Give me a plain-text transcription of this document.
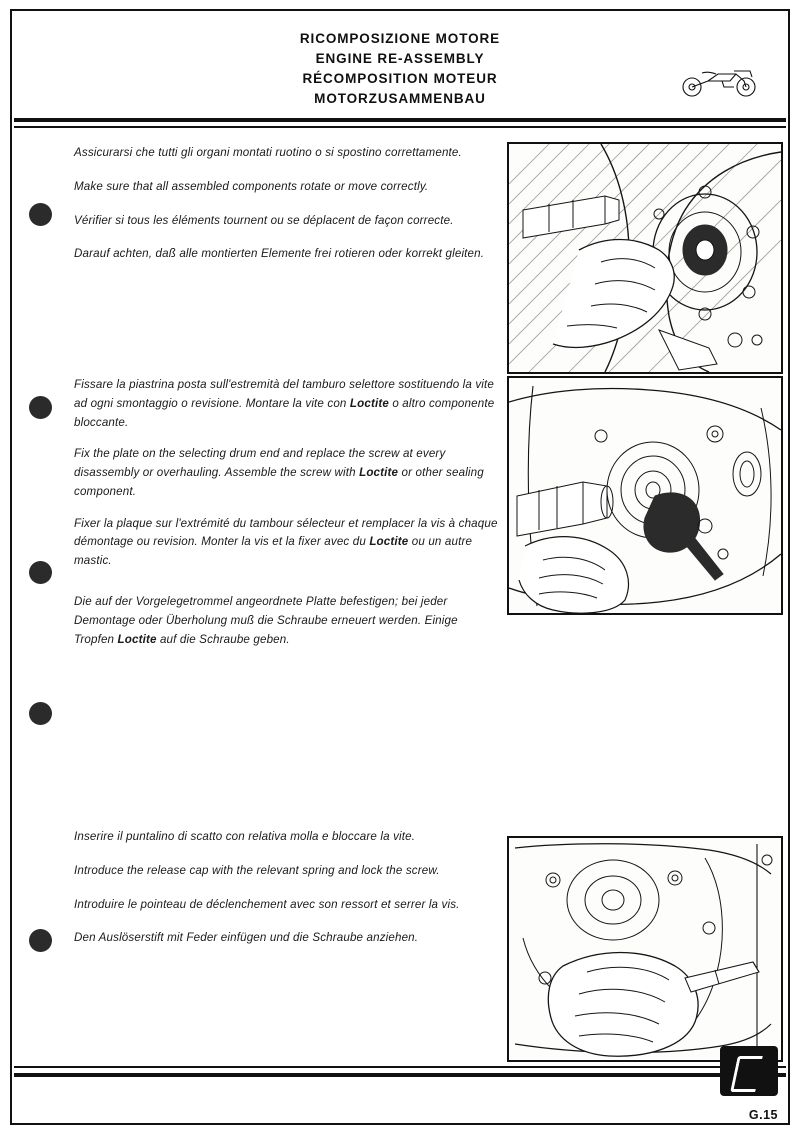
RICOMPOSIZIONE MOTORE
ENGINE RE-ASSEMBLY
RÉCOMPOSITION MOTEUR
MOTORZUSAMMENBAU
Assicurarsi che tutti gli organi montati ruotino o si spostino correttamente.
Make sure that all assembled components rotate or move correctly.
Vérifier si tous les éléments tournent ou se déplacent de façon correcte.
Darauf achten, daß alle montierten Elemente frei rotieren oder korrekt gleiten.
Fissare la piastrina posta sull'estremità del tamburo selettore sostituendo la vite ad ogni smontaggio o revisione. Montare la vite con Loctite o altro componente bloccante.
Fix the plate on the selecting drum end and replace the screw at every disassembly or overhauling. Assemble the screw with Loctite or other sealing component.
Fixer la plaque sur l'extrémité du tambour sélecteur et remplacer la vis à chaque démontage ou revision. Monter la vis et la fixer avec du Loctite ou un autre mastic.
Die auf der Vorgelegetrommel angeordnete Platte befestigen; bei jeder Demontage oder Überholung muß die Schraube erneuert werden. Einige Tropfen Loctite auf die Schraube geben.
Inserire il puntalino di scatto con relativa molla e bloccare la vite.
Introduce the release cap with the relevant spring and lock the screw.
Introduire le pointeau de déclenchement avec son ressort et serrer la vis.
Den Auslöserstift mit Feder einfügen und die Schraube anziehen.
G.15
